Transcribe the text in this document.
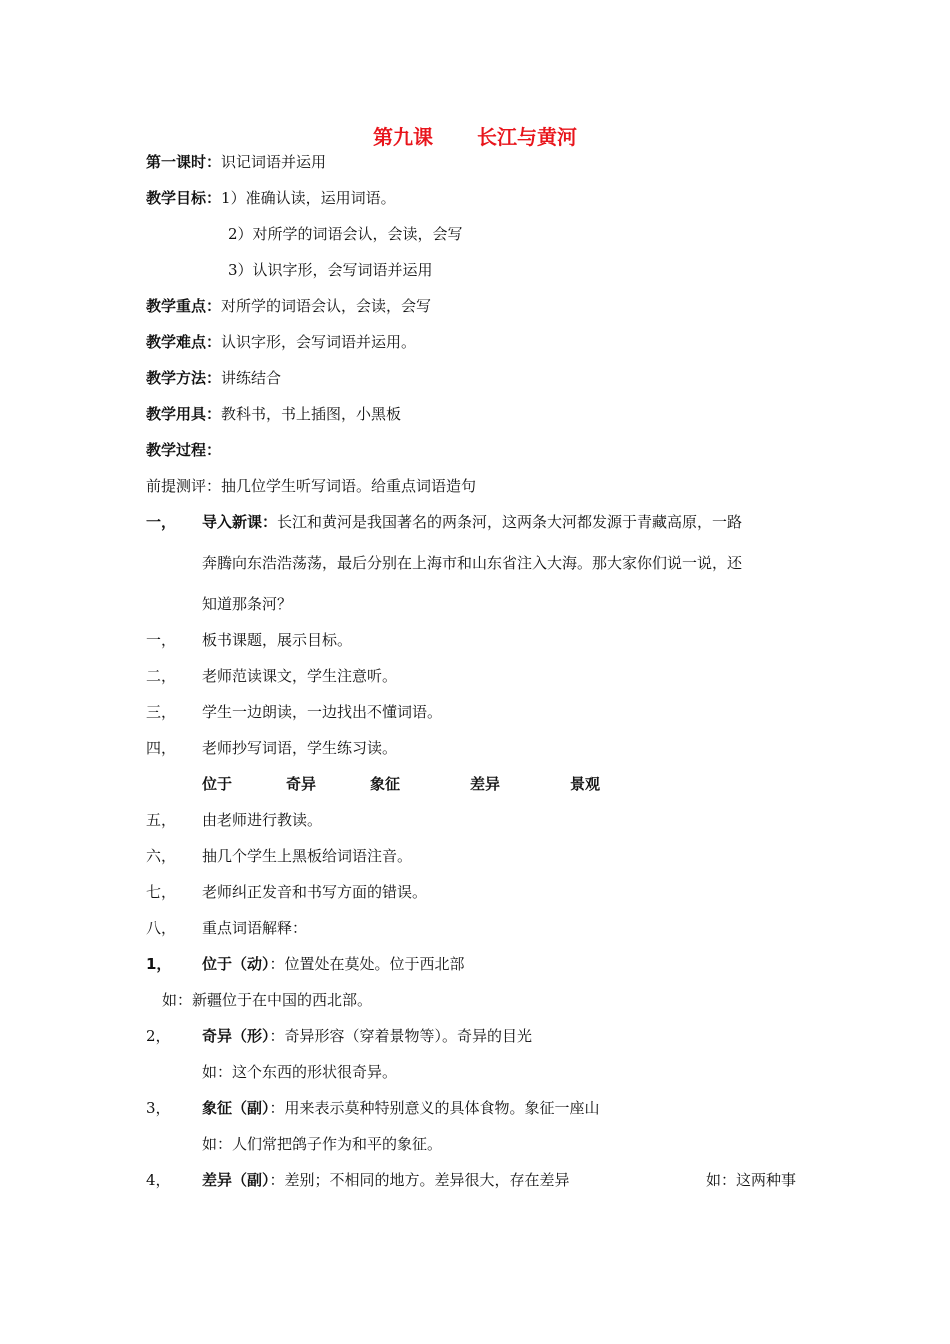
第九课 长江与黄河
第一课时：识记词语并运用
教学目标：1）准确认读，运用词语。
2）对所学的词语会认，会读，会写
3）认识字形，会写词语并运用
教学重点：对所学的词语会认，会读，会写
教学难点：认识字形，会写词语并运用。
教学方法：讲练结合
教学用具：教科书，书上插图，小黑板
教学过程：
前提测评：抽几位学生听写词语。给重点词语造句
一， 导入新课：长江和黄河是我国著名的两条河，这两条大河都发源于青藏高原，一路
奔腾向东浩浩荡荡，最后分别在上海市和山东省注入大海。那大家你们说一说，还
知道那条河？
一， 板书课题，展示目标。
二， 老师范读课文，学生注意听。
三， 学生一边朗读，一边找出不懂词语。
四， 老师抄写词语，学生练习读。
位于	奇异	象征	差异	景观
五， 由老师进行教读。
六， 抽几个学生上黑板给词语注音。
七， 老师纠正发音和书写方面的错误。
八， 重点词语解释：
1， 位于（动）：位置处在莫处。位于西北部
如：新疆位于在中国的西北部。
2， 奇异（形）：奇异形容（穿着景物等）。奇异的目光
如：这个东西的形状很奇异。
3， 象征（副）：用来表示莫种特别意义的具体食物。象征一座山
如：人们常把鸽子作为和平的象征。
4， 差异（副）：差别；不相同的地方。差异很大，存在差异	如：这两种事
